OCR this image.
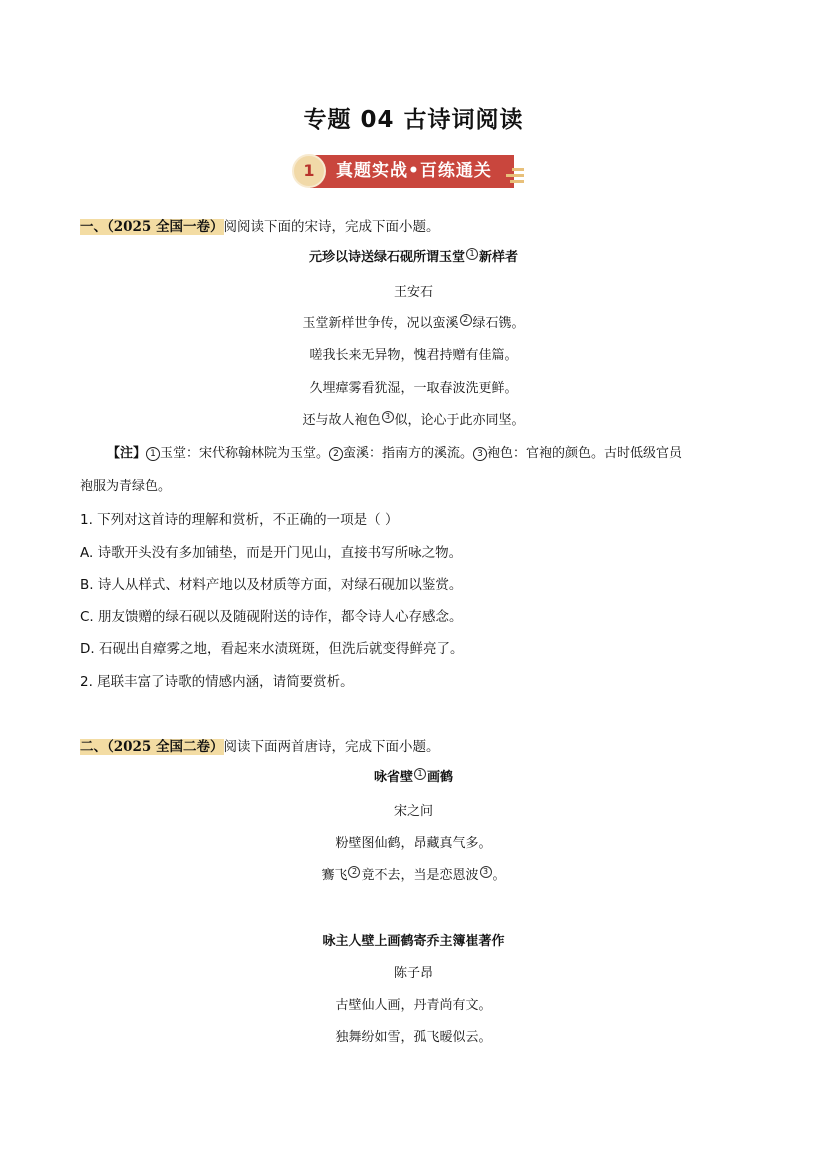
专题 04 古诗词阅读
1	真题实战•百练通关
一、（2025 全国一卷）阅阅读下面的宋诗，完成下面小题。
元珍以诗送绿石砚所谓玉堂 1 新样者
王安石
玉堂新样世争传，况以蛮溪 2 绿石镌。
嗟我长来无异物，愧君持赠有佳篇。
久埋瘴雾看犹湿，一取春波洗更鲜。
还与故人袍色 3 似，论心于此亦同坚。
【注】 1 玉堂：宋代称翰林院为玉堂。 2 蛮溪：指南方的溪流。 3 袍色：官袍的颜色。古时低级官员
袍服为青绿色。
1. 下列对这首诗的理解和赏析，不正确的一项是（ ）
A. 诗歌开头没有多加铺垫，而是开门见山，直接书写所咏之物。
B. 诗人从样式、材料产地以及材质等方面，对绿石砚加以鉴赏。
C. 朋友馈赠的绿石砚以及随砚附送的诗作，都令诗人心存感念。
D. 石砚出自瘴雾之地，看起来水渍斑斑，但洗后就变得鲜亮了。
2. 尾联丰富了诗歌的情感内涵，请简要赏析。
二、（2025 全国二卷）阅读下面两首唐诗，完成下面小题。
咏省壁 1 画鹤
宋之问
粉壁图仙鹤，昂藏真气多。
鶱飞 2 竟不去，当是恋恩波 3 。
咏主人壁上画鹤寄乔主簿崔著作
陈子昂
古壁仙人画，丹青尚有文。
独舞纷如雪，孤飞暧似云。
